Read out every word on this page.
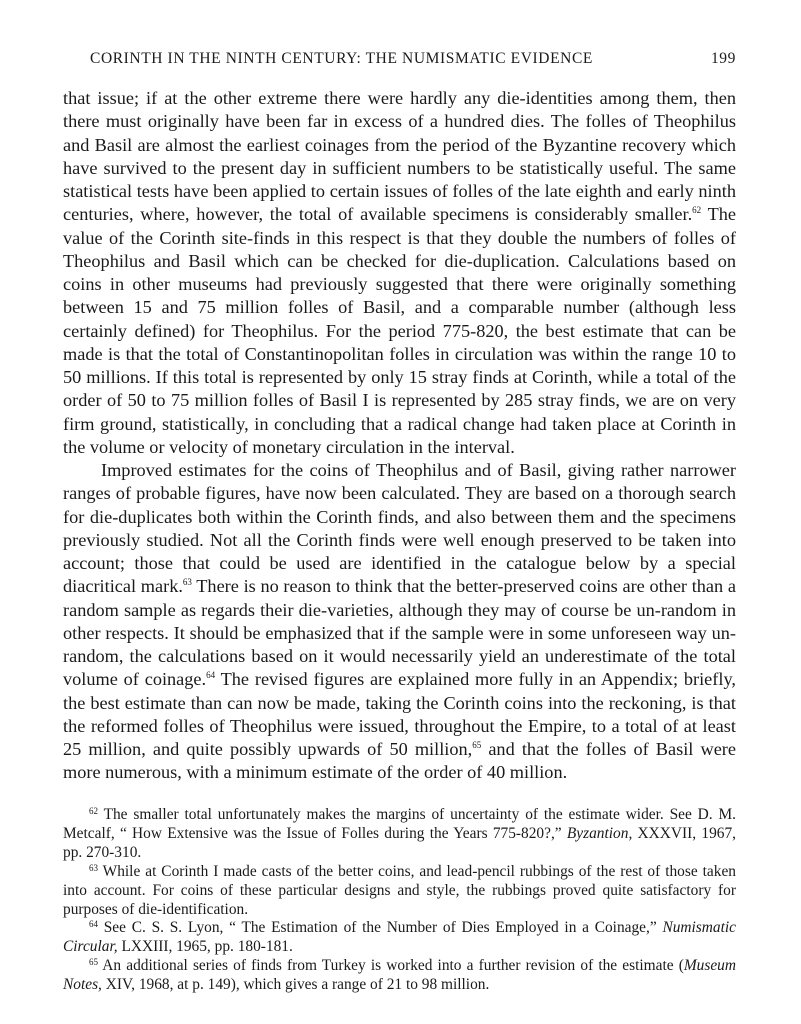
CORINTH IN THE NINTH CENTURY: THE NUMISMATIC EVIDENCE	199

that issue; if at the other extreme there were hardly any die-identities among them, then there must originally have been far in excess of a hundred dies. The folles of Theophilus and Basil are almost the earliest coinages from the period of the Byzantine recovery which have survived to the present day in sufficient numbers to be statistically useful. The same statistical tests have been applied to certain issues of folles of the late eighth and early ninth centuries, where, however, the total of available specimens is considerably smaller.$^{62}$ The value of the Corinth site-finds in this respect is that they double the numbers of folles of Theophilus and Basil which can be checked for die-duplication. Calculations based on coins in other museums had previously suggested that there were originally something between 15 and 75 million folles of Basil, and a comparable number (although less certainly defined) for Theophilus. For the period 775-820, the best estimate that can be made is that the total of Constantinopolitan folles in circulation was within the range 10 to 50 millions. If this total is represented by only 15 stray finds at Corinth, while a total of the order of 50 to 75 million folles of Basil I is represented by 285 stray finds, we are on very firm ground, statistically, in concluding that a radical change had taken place at Corinth in the volume or velocity of monetary circulation in the interval.

Improved estimates for the coins of Theophilus and of Basil, giving rather narrower ranges of probable figures, have now been calculated. They are based on a thorough search for die-duplicates both within the Corinth finds, and also between them and the specimens previously studied. Not all the Corinth finds were well enough preserved to be taken into account; those that could be used are identified in the catalogue below by a special diacritical mark.$^{63}$ There is no reason to think that the better-preserved coins are other than a random sample as regards their die-varieties, although they may of course be un-random in other respects. It should be emphasized that if the sample were in some unforeseen way un-random, the calculations based on it would necessarily yield an underestimate of the total volume of coinage.$^{64}$ The revised figures are explained more fully in an Appendix; briefly, the best estimate than can now be made, taking the Corinth coins into the reckoning, is that the reformed folles of Theophilus were issued, throughout the Empire, to a total of at least 25 million, and quite possibly upwards of 50 million,$^{65}$ and that the folles of Basil were more numerous, with a minimum estimate of the order of 40 million.

$^{62}$ The smaller total unfortunately makes the margins of uncertainty of the estimate wider. See D. M. Metcalf, “ How Extensive was the Issue of Folles during the Years 775-820?,” Byzantion, XXXVII, 1967, pp. 270-310.

$^{63}$ While at Corinth I made casts of the better coins, and lead-pencil rubbings of the rest of those taken into account. For coins of these particular designs and style, the rubbings proved quite satisfactory for purposes of die-identification.

$^{64}$ See C. S. S. Lyon, “ The Estimation of the Number of Dies Employed in a Coinage,” Numismatic Circular, LXXIII, 1965, pp. 180-181.

$^{65}$ An additional series of finds from Turkey is worked into a further revision of the estimate (Museum Notes, XIV, 1968, at p. 149), which gives a range of 21 to 98 million.
